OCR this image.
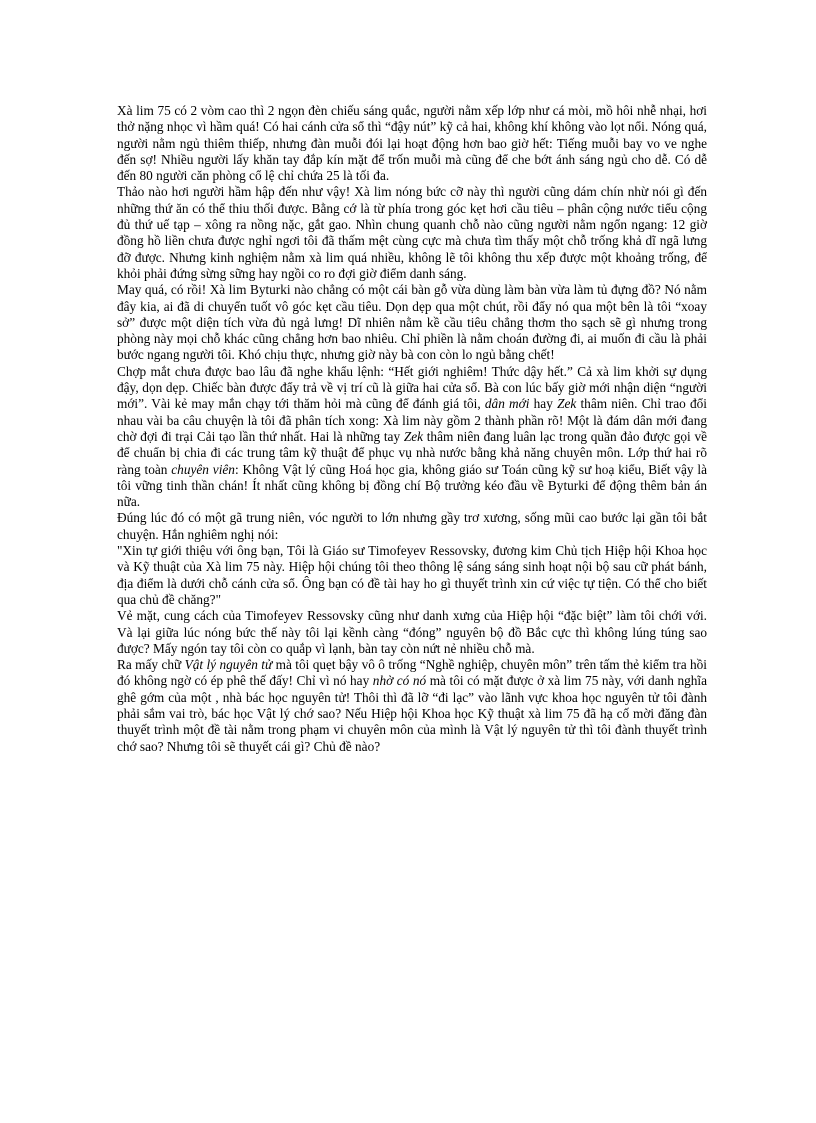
Xà lim 75 có 2 vòm cao thì 2 ngọn đèn chiếu sáng quắc, người nằm xếp lớp như cá mòi, mồ hôi nhễ nhại, hơi thở nặng nhọc vì hầm quá! Có hai cánh cửa sổ thì “đậy nút” kỹ cả hai, không khí không vào lọt nổi. Nóng quá, người nằm ngủ thiêm thiếp, nhưng đàn muỗi đói lại hoạt động hơn bao giờ hết: Tiếng muỗi bay vo ve nghe đến sợ! Nhiều người lấy khăn tay đắp kín mặt để trốn muỗi mà cũng để che bớt ánh sáng ngủ cho dễ. Có dễ đến 80 người căn phòng cổ lệ chỉ chứa 25 là tối đa.

Thảo nào hơi người hầm hập đến như vậy! Xà lim nóng bức cỡ này thì người cũng dám chín nhừ nói gì đến những thứ ăn có thể thiu thối được. Bằng cớ là từ phía trong góc kẹt hơi cầu tiêu – phân cộng nước tiểu cộng đủ thứ uế tạp – xông ra nồng nặc, gắt gao. Nhìn chung quanh chỗ nào cũng người nằm ngổn ngang: 12 giờ đồng hồ liền chưa được nghỉ ngơi tôi đã thấm mệt cùng cực mà chưa tìm thấy một chỗ trống khả dĩ ngã lưng đỡ được. Nhưng kinh nghiệm nằm xà lim quá nhiều, không lẽ tôi không thu xếp được một khoảng trống, để khỏi phải đứng sừng sững hay ngồi co ro đợi giờ điểm danh sáng.

May quá, có rồi! Xà lim Byturki nào chẳng có một cái bàn gỗ vừa dùng làm bàn vừa làm tủ đựng đồ? Nó nằm đây kia, ai đã di chuyển tuốt vô góc kẹt cầu tiêu. Dọn dẹp qua một chút, rồi đẩy nó qua một bên là tôi “xoay sở” được một diện tích vừa đủ ngả lưng! Dĩ nhiên nằm kề cầu tiêu chẳng thơm tho sạch sẽ gì nhưng trong phòng này mọi chỗ khác cũng chẳng hơn bao nhiêu. Chỉ phiền là nằm choán đường đi, ai muốn đi cầu là phải bước ngang người tôi. Khó chịu thực, nhưng giờ này bà con còn lo ngủ bằng chết!

Chợp mắt chưa được bao lâu đã nghe khẩu lệnh: “Hết giới nghiêm! Thức dậy hết.” Cả xà lim khởi sự dụng đậy, dọn dẹp. Chiếc bàn được đẩy trả về vị trí cũ là giữa hai cửa sổ. Bà con lúc bấy giờ mới nhận diện “người mới”. Vài kẻ may mắn chạy tới thăm hỏi mà cũng để đánh giá tôi, dân mới hay Zek thâm niên. Chỉ trao đổi nhau vài ba câu chuyện là tôi đã phân tích xong: Xà lim này gồm 2 thành phần rõ! Một là đám dân mới đang chờ đợi đi trại Cải tạo lần thứ nhất. Hai là những tay Zek thâm niên đang luân lạc trong quần đảo được gọi về để chuẩn bị chia đi các trung tâm kỹ thuật để phục vụ nhà nước bằng khả năng chuyên môn. Lớp thứ hai rõ ràng toàn chuyên viên: Không Vật lý cũng Hoá học gia, không giáo sư Toán cũng kỹ sư hoạ kiểu, Biết vậy là tôi vững tinh thần chán! Ít nhất cũng không bị đồng chí Bộ trưởng kéo đầu về Byturki để động thêm bản án nữa.

Đúng lúc đó có một gã trung niên, vóc người to lớn nhưng gầy trơ xương, sống mũi cao bước lại gần tôi bắt chuyện. Hắn nghiêm nghị nói:

"Xin tự giới thiệu với ông bạn, Tôi là Giáo sư Timofeyev Ressovsky, đương kim Chủ tịch Hiệp hội Khoa học và Kỹ thuật của Xà lim 75 này. Hiệp hội chúng tôi theo thông lệ sáng sáng sinh hoạt nội bộ sau cữ phát bánh, địa điểm là dưới chỗ cánh cửa sổ. Ông bạn có đề tài hay ho gì thuyết trình xin cứ việc tự tiện. Có thể cho biết qua chủ đề chăng?"

Vẻ mặt, cung cách của Timofeyev Ressovsky cũng như danh xưng của Hiệp hội “đặc biệt” làm tôi chới với. Và lại giữa lúc nóng bức thế này tôi lại kềnh càng “đóng” nguyên bộ đồ Bắc cực thì không lúng túng sao được? Mấy ngón tay tôi còn co quắp vì lạnh, bàn tay còn nứt nẻ nhiều chỗ mà.

Ra mấy chữ Vật lý nguyên tử mà tôi quẹt bậy vô ô trống “Nghề nghiệp, chuyên môn” trên tấm thẻ kiểm tra hồi đó không ngờ có ép phê thế đấy! Chỉ vì nó hay nhờ có nó mà tôi có mặt được ở xà lim 75 này, với danh nghĩa ghê gớm của một , nhà bác học nguyên tử! Thôi thì đã lỡ “đi lạc” vào lãnh vực khoa học nguyên tử tôi đành phải sắm vai trò, bác học Vật lý chớ sao? Nếu Hiệp hội Khoa học Kỹ thuật xà lim 75 đã hạ cố mời đăng đàn thuyết trình một đề tài nằm trong phạm vi chuyên môn của mình là Vật lý nguyên tử thì tôi đành thuyết trình chớ sao? Nhưng tôi sẽ thuyết cái gì? Chủ đề nào?
